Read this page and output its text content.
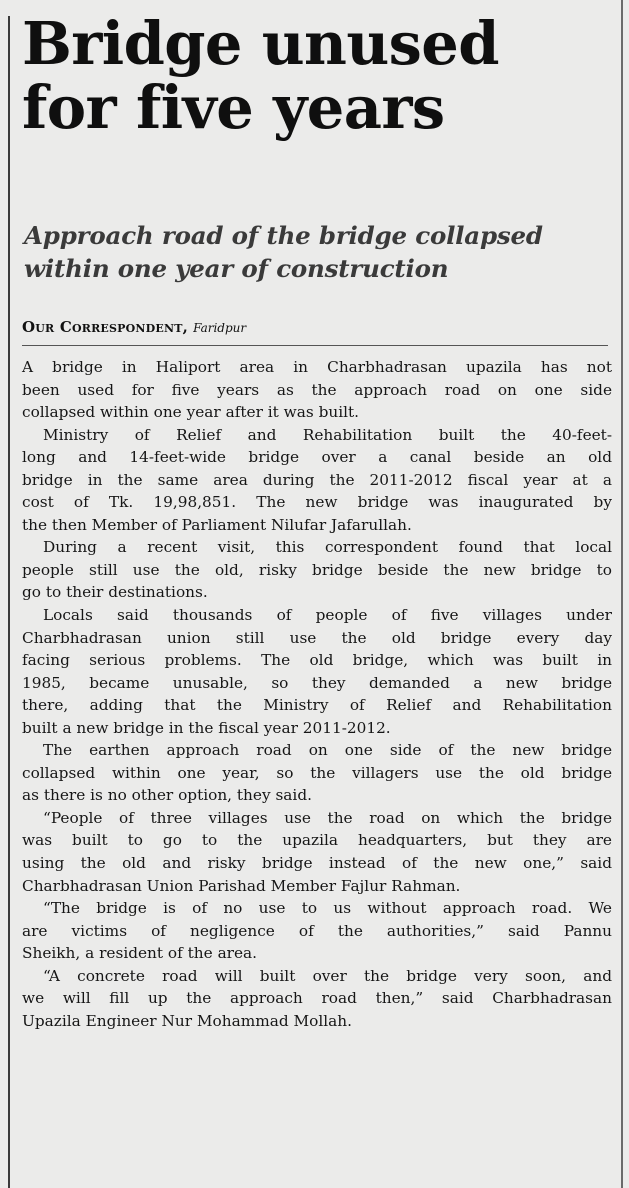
Bridge unused
for five years
Approach road of the bridge collapsed
within one year of construction
Our Correspondent, Faridpur
A bridge in Haliport area in Charbhadrasan upazila has not
been used for five years as the approach road on one side
collapsed within one year after it was built.
Ministry of Relief and Rehabilitation built the 40-feet-
long and 14-feet-wide bridge over a canal beside an old
bridge in the same area during the 2011-2012 fiscal year at a
cost of Tk. 19,98,851. The new bridge was inaugurated by
the then Member of Parliament Nilufar Jafarullah.
During a recent visit, this correspondent found that local
people still use the old, risky bridge beside the new bridge to
go to their destinations.
Locals said thousands of people of five villages under
Charbhadrasan union still use the old bridge every day
facing serious problems. The old bridge, which was built in
1985, became unusable, so they demanded a new bridge
there, adding that the Ministry of Relief and Rehabilitation
built a new bridge in the fiscal year 2011-2012.
The earthen approach road on one side of the new bridge
collapsed within one year, so the villagers use the old bridge
as there is no other option, they said.
“People of three villages use the road on which the bridge
was built to go to the upazila headquarters, but they are
using the old and risky bridge instead of the new one,” said
Charbhadrasan Union Parishad Member Fajlur Rahman.
“The bridge is of no use to us without approach road. We
are victims of negligence of the authorities,” said Pannu
Sheikh, a resident of the area.
“A concrete road will built over the bridge very soon, and
we will fill up the approach road then,” said Charbhadrasan
Upazila Engineer Nur Mohammad Mollah.
